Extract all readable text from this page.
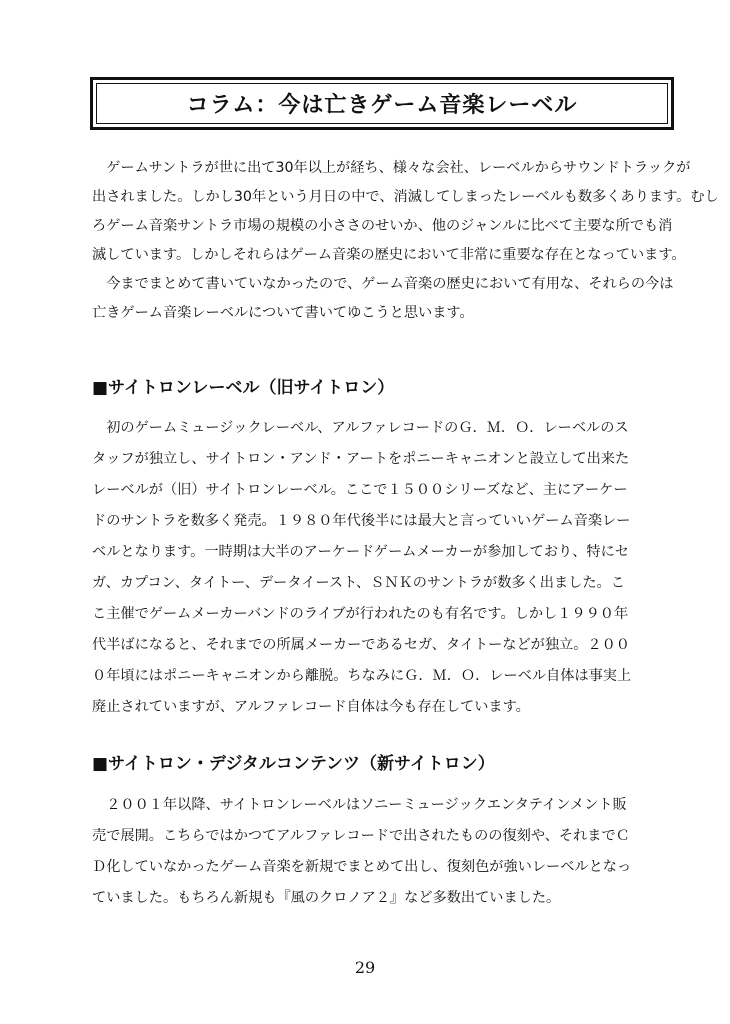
コラム：今は亡きゲーム音楽レーベル
　ゲームサントラが世に出て30年以上が経ち、様々な会社、レーベルからサウンドトラックが
出されました。しかし30年という月日の中で、消滅してしまったレーベルも数多くあります。むし
ろゲーム音楽サントラ市場の規模の小ささのせいか、他のジャンルに比べて主要な所でも消
滅しています。しかしそれらはゲーム音楽の歴史において非常に重要な存在となっています。
　今までまとめて書いていなかったので、ゲーム音楽の歴史において有用な、それらの今は
亡きゲーム音楽レーベルについて書いてゆこうと思います。
■サイトロンレーベル（旧サイトロン）
　初のゲームミュージックレーベル、アルファレコードのＧ．Ｍ．Ｏ．レーベルのス
タッフが独立し、サイトロン・アンド・アートをポニーキャニオンと設立して出来た
レーベルが（旧）サイトロンレーベル。ここで１５００シリーズなど、主にアーケー
ドのサントラを数多く発売。１９８０年代後半には最大と言っていいゲーム音楽レー
ベルとなります。一時期は大半のアーケードゲームメーカーが参加しており、特にセ
ガ、カプコン、タイトー、データイースト、ＳＮＫのサントラが数多く出ました。こ
こ主催でゲームメーカーバンドのライブが行われたのも有名です。しかし１９９０年
代半ばになると、それまでの所属メーカーであるセガ、タイトーなどが独立。２００
０年頃にはポニーキャニオンから離脱。ちなみにＧ．Ｍ．Ｏ．レーベル自体は事実上
廃止されていますが、アルファレコード自体は今も存在しています。
■サイトロン・デジタルコンテンツ（新サイトロン）
　２００１年以降、サイトロンレーベルはソニーミュージックエンタテインメント販
売で展開。こちらではかつてアルファレコードで出されたものの復刻や、それまでＣ
Ｄ化していなかったゲーム音楽を新規でまとめて出し、復刻色が強いレーベルとなっ
ていました。もちろん新規も『風のクロノア２』など多数出ていました。
29
